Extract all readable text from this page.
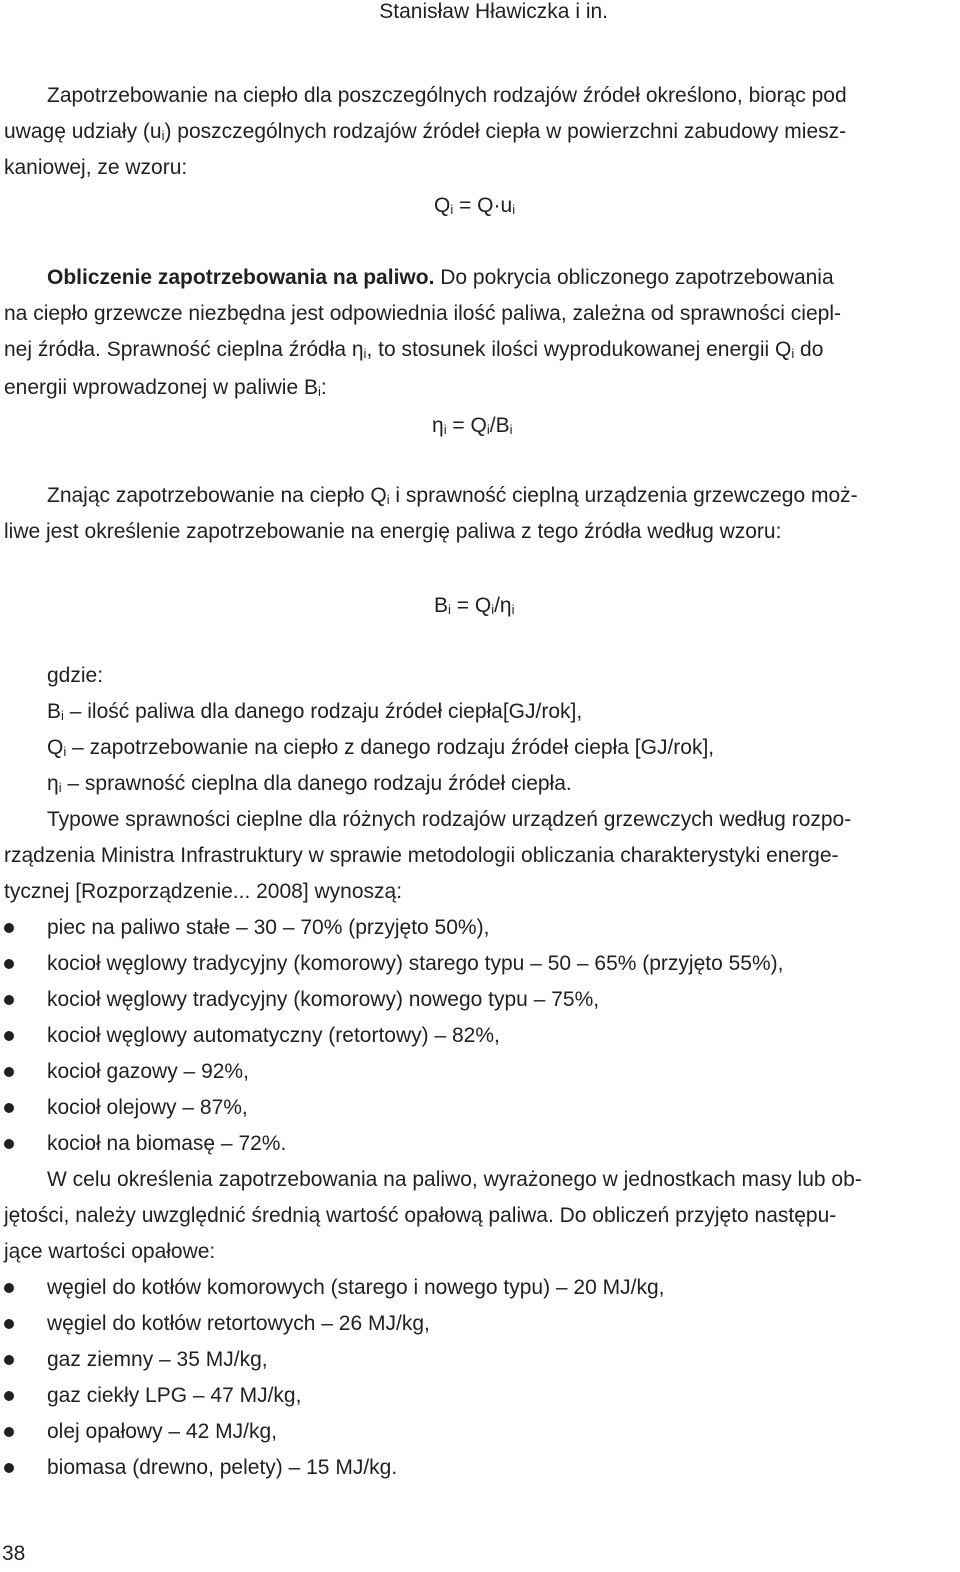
Stanisław Hławiczka i in.
Zapotrzebowanie na ciepło dla poszczególnych rodzajów źródeł określono, biorąc pod
uwagę udziały $(u_i)$ poszczególnych rodzajów źródeł ciepła w powierzchni zabudowy miesz-
kaniowej, ze wzoru:
$Q_i = Q\cdot u_i$
Obliczenie zapotrzebowania na paliwo. Do pokrycia obliczonego zapotrzebowania
na ciepło grzewcze niezbędna jest odpowiednia ilość paliwa, zależna od sprawności ciepl-
nej źródła. Sprawność cieplna źródła $\eta_i$, to stosunek ilości wyprodukowanej energii $Q_i$ do
energii wprowadzonej w paliwie $B_i$:
$\eta_i = Q_i/B_i$
Znając zapotrzebowanie na ciepło $Q_i$ i sprawność cieplną urządzenia grzewczego moż-
liwe jest określenie zapotrzebowanie na energię paliwa z tego źródła według wzoru:
$B_i = Q_i/\eta_i$
gdzie:
$B_i$ – ilość paliwa dla danego rodzaju źródeł ciepła[GJ/rok],
$Q_i$ – zapotrzebowanie na ciepło z danego rodzaju źródeł ciepła [GJ/rok],
$\eta_i$ – sprawność cieplna dla danego rodzaju źródeł ciepła.
Typowe sprawności cieplne dla różnych rodzajów urządzeń grzewczych według rozpo-
rządzenia Ministra Infrastruktury w sprawie metodologii obliczania charakterystyki energe-
tycznej [Rozporządzenie... 2008] wynoszą:
piec na paliwo stałe – 30 – 70% (przyjęto 50%),
kocioł węglowy tradycyjny (komorowy) starego typu – 50 – 65% (przyjęto 55%),
kocioł węglowy tradycyjny (komorowy) nowego typu – 75%,
kocioł węglowy automatyczny (retortowy) – 82%,
kocioł gazowy – 92%,
kocioł olejowy – 87%,
kocioł na biomasę – 72%.
W celu określenia zapotrzebowania na paliwo, wyrażonego w jednostkach masy lub ob-
jętości, należy uwzględnić średnią wartość opałową paliwa. Do obliczeń przyjęto następu-
jące wartości opałowe:
węgiel do kotłów komorowych (starego i nowego typu) – 20 MJ/kg,
węgiel do kotłów retortowych – 26 MJ/kg,
gaz ziemny – 35 MJ/kg,
gaz ciekły LPG – 47 MJ/kg,
olej opałowy – 42 MJ/kg,
biomasa (drewno, pelety) – 15 MJ/kg.
38
